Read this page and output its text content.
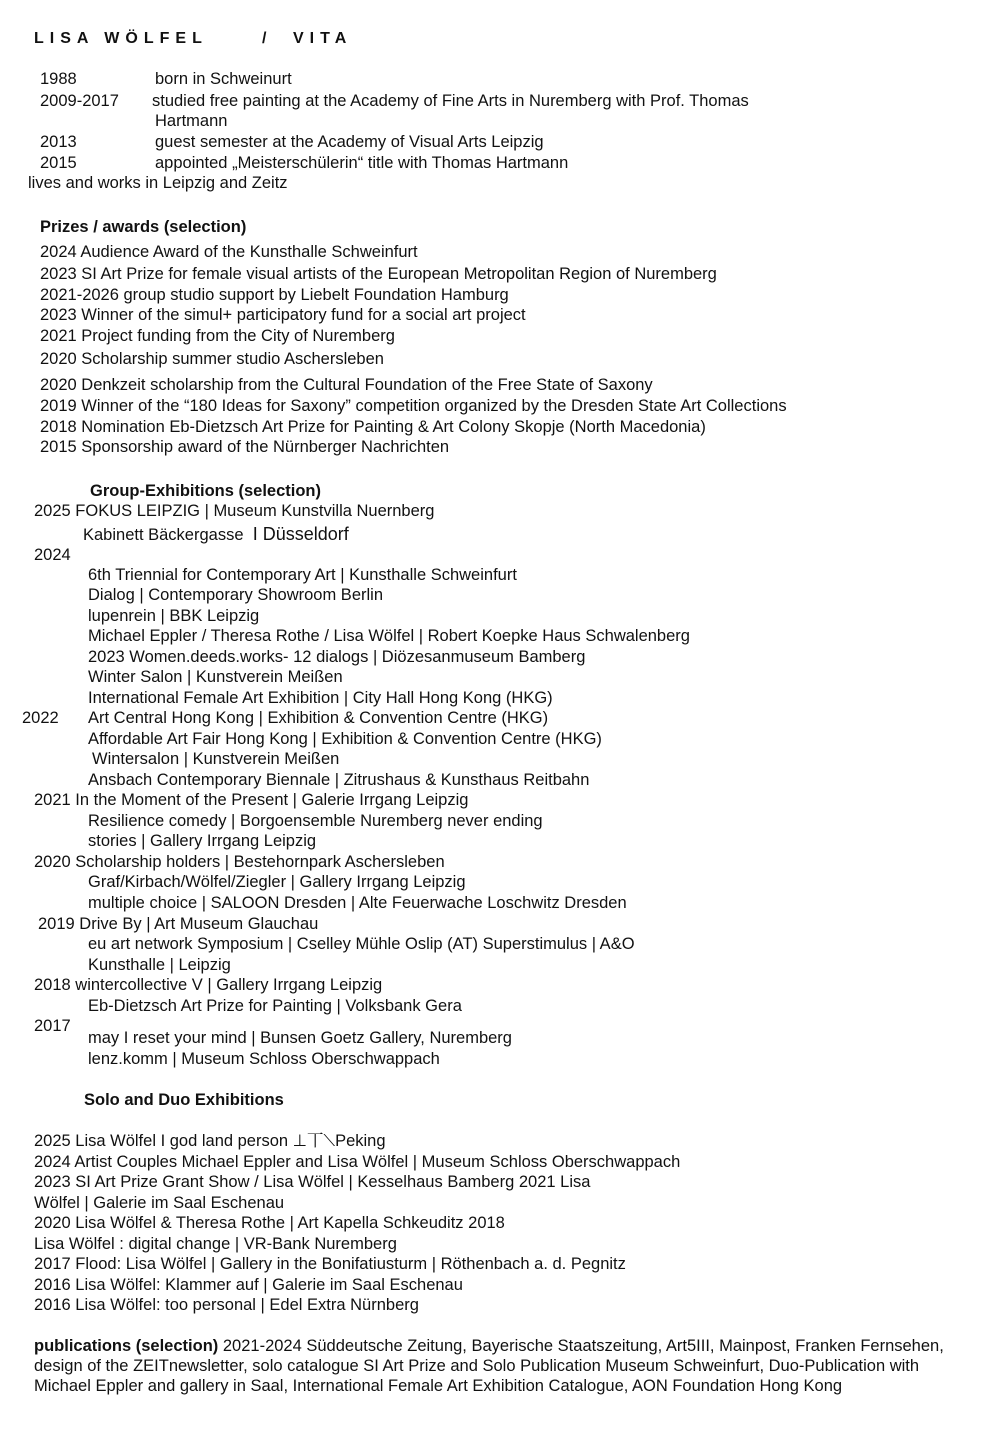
LISA WÖLFEL	/ VITA
1988	born in Schweinurt
2009-2017 studied free painting at the Academy of Fine Arts in Nuremberg with Prof. Thomas
Hartmann
2013	guest semester at the Academy of Visual Arts Leipzig
2015	appointed „Meisterschülerin“ title with Thomas Hartmann
lives and works in Leipzig and Zeitz
Prizes / awards (selection)
2024 Audience Award of the Kunsthalle Schweinfurt
2023 SI Art Prize for female visual artists of the European Metropolitan Region of Nuremberg
2021-2026 group studio support by Liebelt Foundation Hamburg
2023 Winner of the simul+ participatory fund for a social art project
2021 Project funding from the City of Nuremberg
2020 Scholarship summer studio Aschersleben
2020 Denkzeit scholarship from the Cultural Foundation of the Free State of Saxony
2019 Winner of the “180 Ideas for Saxony” competition organized by the Dresden State Art Collections
2018 Nomination Eb-Dietzsch Art Prize for Painting & Art Colony Skopje (North Macedonia)
2015 Sponsorship award of the Nürnberger Nachrichten
Group-Exhibitions (selection)
2025 FOKUS LEIPZIG | Museum Kunstvilla Nuernberg
Kabinett Bäckergasse  I Düsseldorf
2024
6th Triennial for Contemporary Art | Kunsthalle Schweinfurt
Dialog | Contemporary Showroom Berlin
lupenrein | BBK Leipzig
Michael Eppler / Theresa Rothe / Lisa Wölfel | Robert Koepke Haus Schwalenberg
2023 Women.deeds.works- 12 dialogs | Diözesanmuseum Bamberg
Winter Salon | Kunstverein Meißen
International Female Art Exhibition | City Hall Hong Kong (HKG)
2022 Art Central Hong Kong | Exhibition & Convention Centre (HKG)
Affordable Art Fair Hong Kong | Exhibition & Convention Centre (HKG)
Wintersalon | Kunstverein Meißen
Ansbach Contemporary Biennale | Zitrushaus & Kunsthaus Reitbahn
2021 In the Moment of the Present | Galerie Irrgang Leipzig
Resilience comedy | Borgoensemble Nuremberg never ending
stories | Gallery Irrgang Leipzig
2020 Scholarship holders | Bestehornpark Aschersleben
Graf/Kirbach/Wölfel/Ziegler | Gallery Irrgang Leipzig
multiple choice | SALOON Dresden | Alte Feuerwache Loschwitz Dresden
2019 Drive By | Art Museum Glauchau
eu art network Symposium | Cselley Mühle Oslip (AT) Superstimulus | A&O
Kunsthalle | Leipzig
2018 wintercollective V | Gallery Irrgang Leipzig
Eb-Dietzsch Art Prize for Painting | Volksbank Gera
2017
may I reset your mind | Bunsen Goetz Gallery, Nuremberg
lenz.komm | Museum Schloss Oberschwappach
Solo and Duo Exhibitions
2025 Lisa Wölfel I god land person ⊥丅⟍Peking
2024 Artist Couples Michael Eppler and Lisa Wölfel | Museum Schloss Oberschwappach
2023 SI Art Prize Grant Show / Lisa Wölfel | Kesselhaus Bamberg 2021 Lisa
Wölfel | Galerie im Saal Eschenau
2020 Lisa Wölfel & Theresa Rothe | Art Kapella Schkeuditz 2018
Lisa Wölfel : digital change | VR-Bank Nuremberg
2017 Flood: Lisa Wölfel | Gallery in the Bonifatiusturm | Röthenbach a. d. Pegnitz
2016 Lisa Wölfel: Klammer auf | Galerie im Saal Eschenau
2016 Lisa Wölfel: too personal | Edel Extra Nürnberg
publications (selection) 2021-2024 Süddeutsche Zeitung, Bayerische Staatszeitung, Art5III, Mainpost, Franken Fernsehen, design of the ZEITnewsletter, solo catalogue SI Art Prize and Solo Publication Museum Schweinfurt, Duo-Publication with Michael Eppler and gallery in Saal, International Female Art Exhibition Catalogue, AON Foundation Hong Kong
